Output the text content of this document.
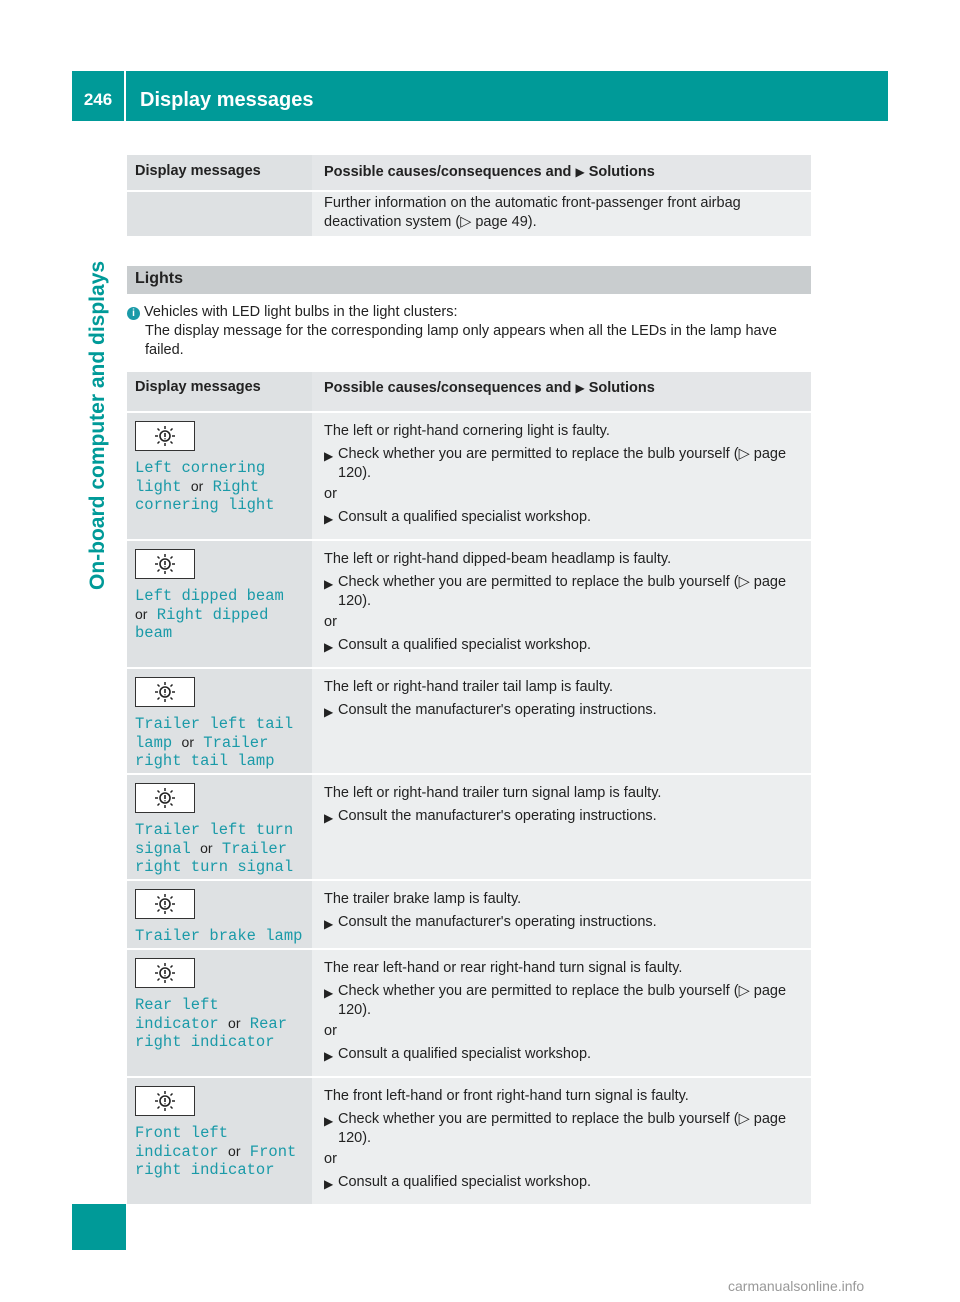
246	Display messages
On-board computer and displays
Display messages	Possible causes/consequences and ▶ Solutions
Further information on the automatic front-passenger front airbag deactivation system (▷ page 49).
Lights
i Vehicles with LED light bulbs in the light clusters:
The display message for the corresponding lamp only appears when all the LEDs in the lamp have failed.
Display messages	Possible causes/consequences and ▶ Solutions
Left cornering light or Right cornering light
The left or right-hand cornering light is faulty.
▶ Check whether you are permitted to replace the bulb yourself (▷ page 120).
or
▶ Consult a qualified specialist workshop.
Left dipped beam or Right dipped beam
The left or right-hand dipped-beam headlamp is faulty.
▶ Check whether you are permitted to replace the bulb yourself (▷ page 120).
or
▶ Consult a qualified specialist workshop.
Trailer left tail lamp or Trailer right tail lamp
The left or right-hand trailer tail lamp is faulty.
▶ Consult the manufacturer's operating instructions.
Trailer left turn signal or Trailer right turn signal
The left or right-hand trailer turn signal lamp is faulty.
▶ Consult the manufacturer's operating instructions.
Trailer brake lamp
The trailer brake lamp is faulty.
▶ Consult the manufacturer's operating instructions.
Rear left indicator or Rear right indicator
The rear left-hand or rear right-hand turn signal is faulty.
▶ Check whether you are permitted to replace the bulb yourself (▷ page 120).
or
▶ Consult a qualified specialist workshop.
Front left indicator or Front right indicator
The front left-hand or front right-hand turn signal is faulty.
▶ Check whether you are permitted to replace the bulb yourself (▷ page 120).
or
▶ Consult a qualified specialist workshop.
carmanualsonline.info
